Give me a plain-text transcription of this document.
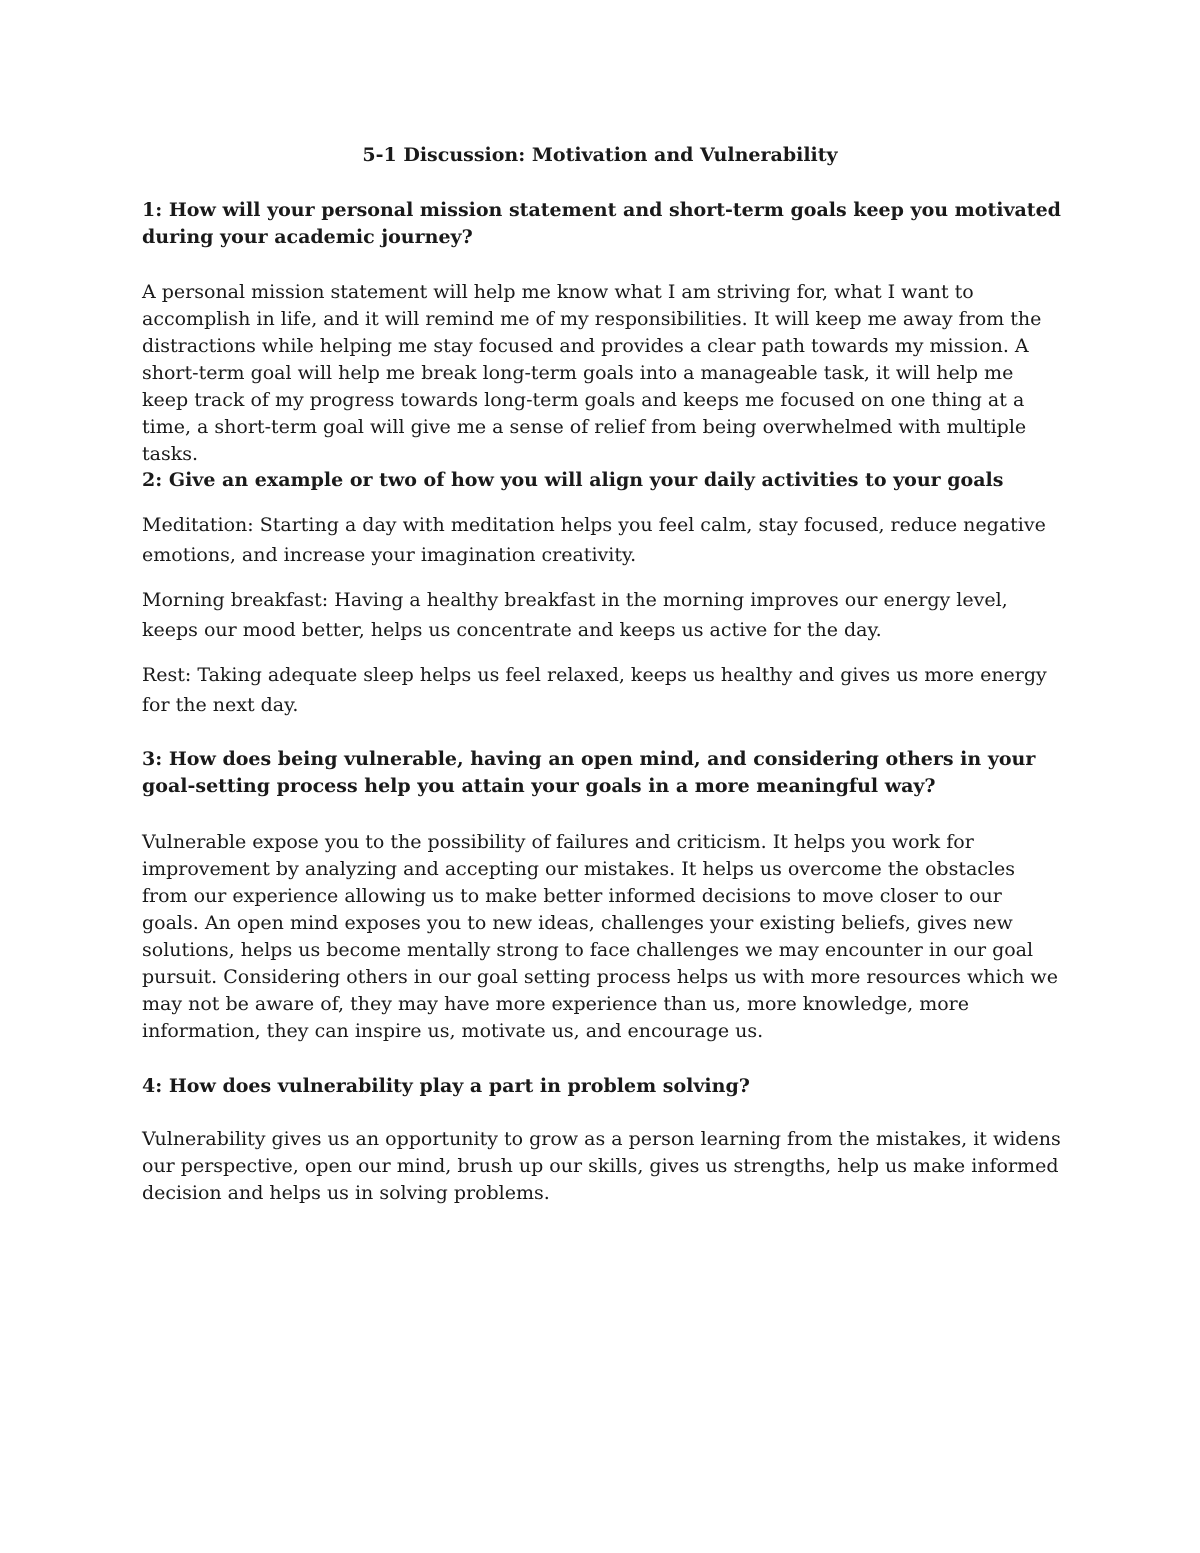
5-1 Discussion: Motivation and Vulnerability

1: How will your personal mission statement and short-term goals keep you motivated during your academic journey?

A personal mission statement will help me know what I am striving for, what I want to accomplish in life, and it will remind me of my responsibilities. It will keep me away from the distractions while helping me stay focused and provides a clear path towards my mission. A short-term goal will help me break long-term goals into a manageable task, it will help me keep track of my progress towards long-term goals and keeps me focused on one thing at a time, a short-term goal will give me a sense of relief from being overwhelmed with multiple tasks.

2: Give an example or two of how you will align your daily activities to your goals

Meditation: Starting a day with meditation helps you feel calm, stay focused, reduce negative emotions, and increase your imagination creativity.

Morning breakfast: Having a healthy breakfast in the morning improves our energy level, keeps our mood better, helps us concentrate and keeps us active for the day.

Rest: Taking adequate sleep helps us feel relaxed, keeps us healthy and gives us more energy for the next day.

3: How does being vulnerable, having an open mind, and considering others in your goal-setting process help you attain your goals in a more meaningful way?

Vulnerable expose you to the possibility of failures and criticism. It helps you work for improvement by analyzing and accepting our mistakes. It helps us overcome the obstacles from our experience allowing us to make better informed decisions to move closer to our goals. An open mind exposes you to new ideas, challenges your existing beliefs, gives new solutions, helps us become mentally strong to face challenges we may encounter in our goal pursuit. Considering others in our goal setting process helps us with more resources which we may not be aware of, they may have more experience than us, more knowledge, more information, they can inspire us, motivate us, and encourage us.

4: How does vulnerability play a part in problem solving?

Vulnerability gives us an opportunity to grow as a person learning from the mistakes, it widens our perspective, open our mind, brush up our skills, gives us strengths, help us make informed decision and helps us in solving problems.
